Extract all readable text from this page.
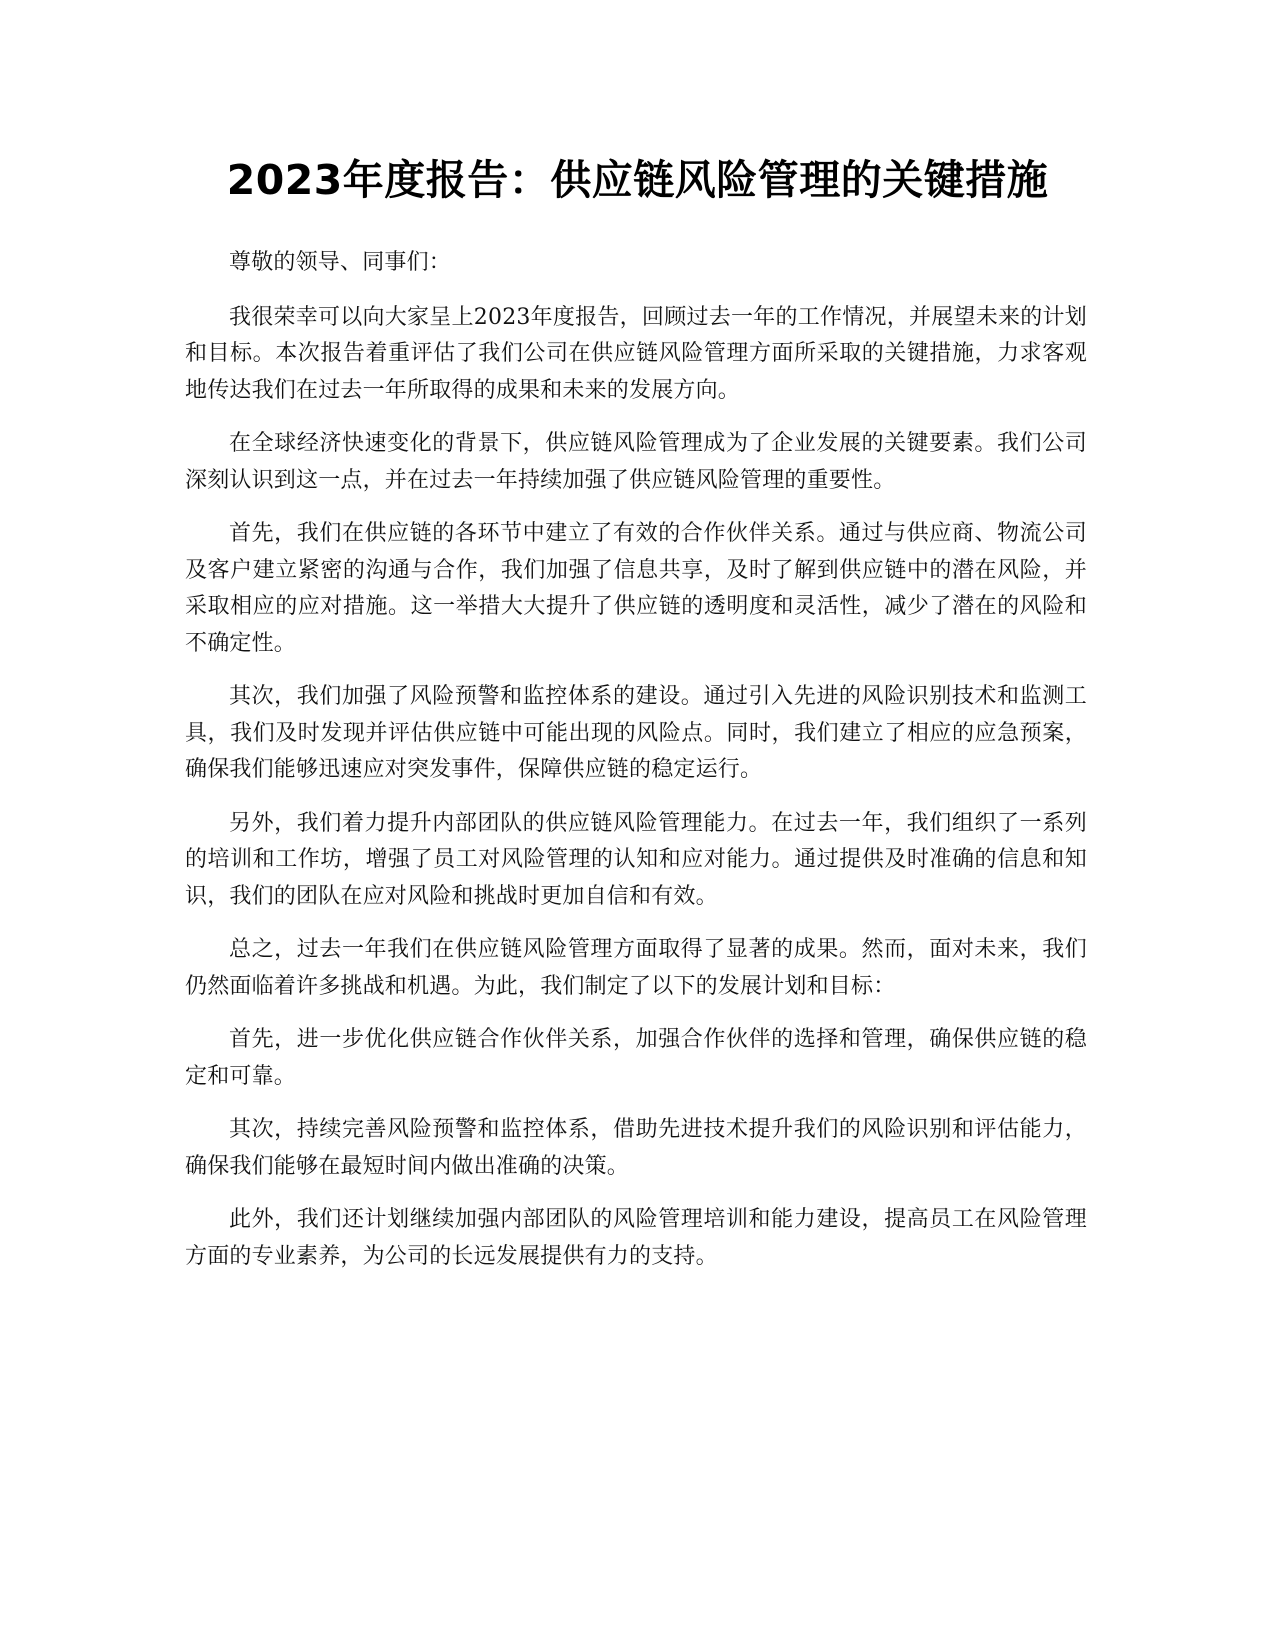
2023年度报告：供应链风险管理的关键措施

尊敬的领导、同事们：

我很荣幸可以向大家呈上2023年度报告，回顾过去一年的工作情况，并展望未来的计划和目标。本次报告着重评估了我们公司在供应链风险管理方面所采取的关键措施，力求客观地传达我们在过去一年所取得的成果和未来的发展方向。

在全球经济快速变化的背景下，供应链风险管理成为了企业发展的关键要素。我们公司深刻认识到这一点，并在过去一年持续加强了供应链风险管理的重要性。

首先，我们在供应链的各环节中建立了有效的合作伙伴关系。通过与供应商、物流公司及客户建立紧密的沟通与合作，我们加强了信息共享，及时了解到供应链中的潜在风险，并采取相应的应对措施。这一举措大大提升了供应链的透明度和灵活性，减少了潜在的风险和不确定性。

其次，我们加强了风险预警和监控体系的建设。通过引入先进的风险识别技术和监测工具，我们及时发现并评估供应链中可能出现的风险点。同时，我们建立了相应的应急预案，确保我们能够迅速应对突发事件，保障供应链的稳定运行。

另外，我们着力提升内部团队的供应链风险管理能力。在过去一年，我们组织了一系列的培训和工作坊，增强了员工对风险管理的认知和应对能力。通过提供及时准确的信息和知识，我们的团队在应对风险和挑战时更加自信和有效。

总之，过去一年我们在供应链风险管理方面取得了显著的成果。然而，面对未来，我们仍然面临着许多挑战和机遇。为此，我们制定了以下的发展计划和目标：

首先，进一步优化供应链合作伙伴关系，加强合作伙伴的选择和管理，确保供应链的稳定和可靠。

其次，持续完善风险预警和监控体系，借助先进技术提升我们的风险识别和评估能力，确保我们能够在最短时间内做出准确的决策。

此外，我们还计划继续加强内部团队的风险管理培训和能力建设，提高员工在风险管理方面的专业素养，为公司的长远发展提供有力的支持。
